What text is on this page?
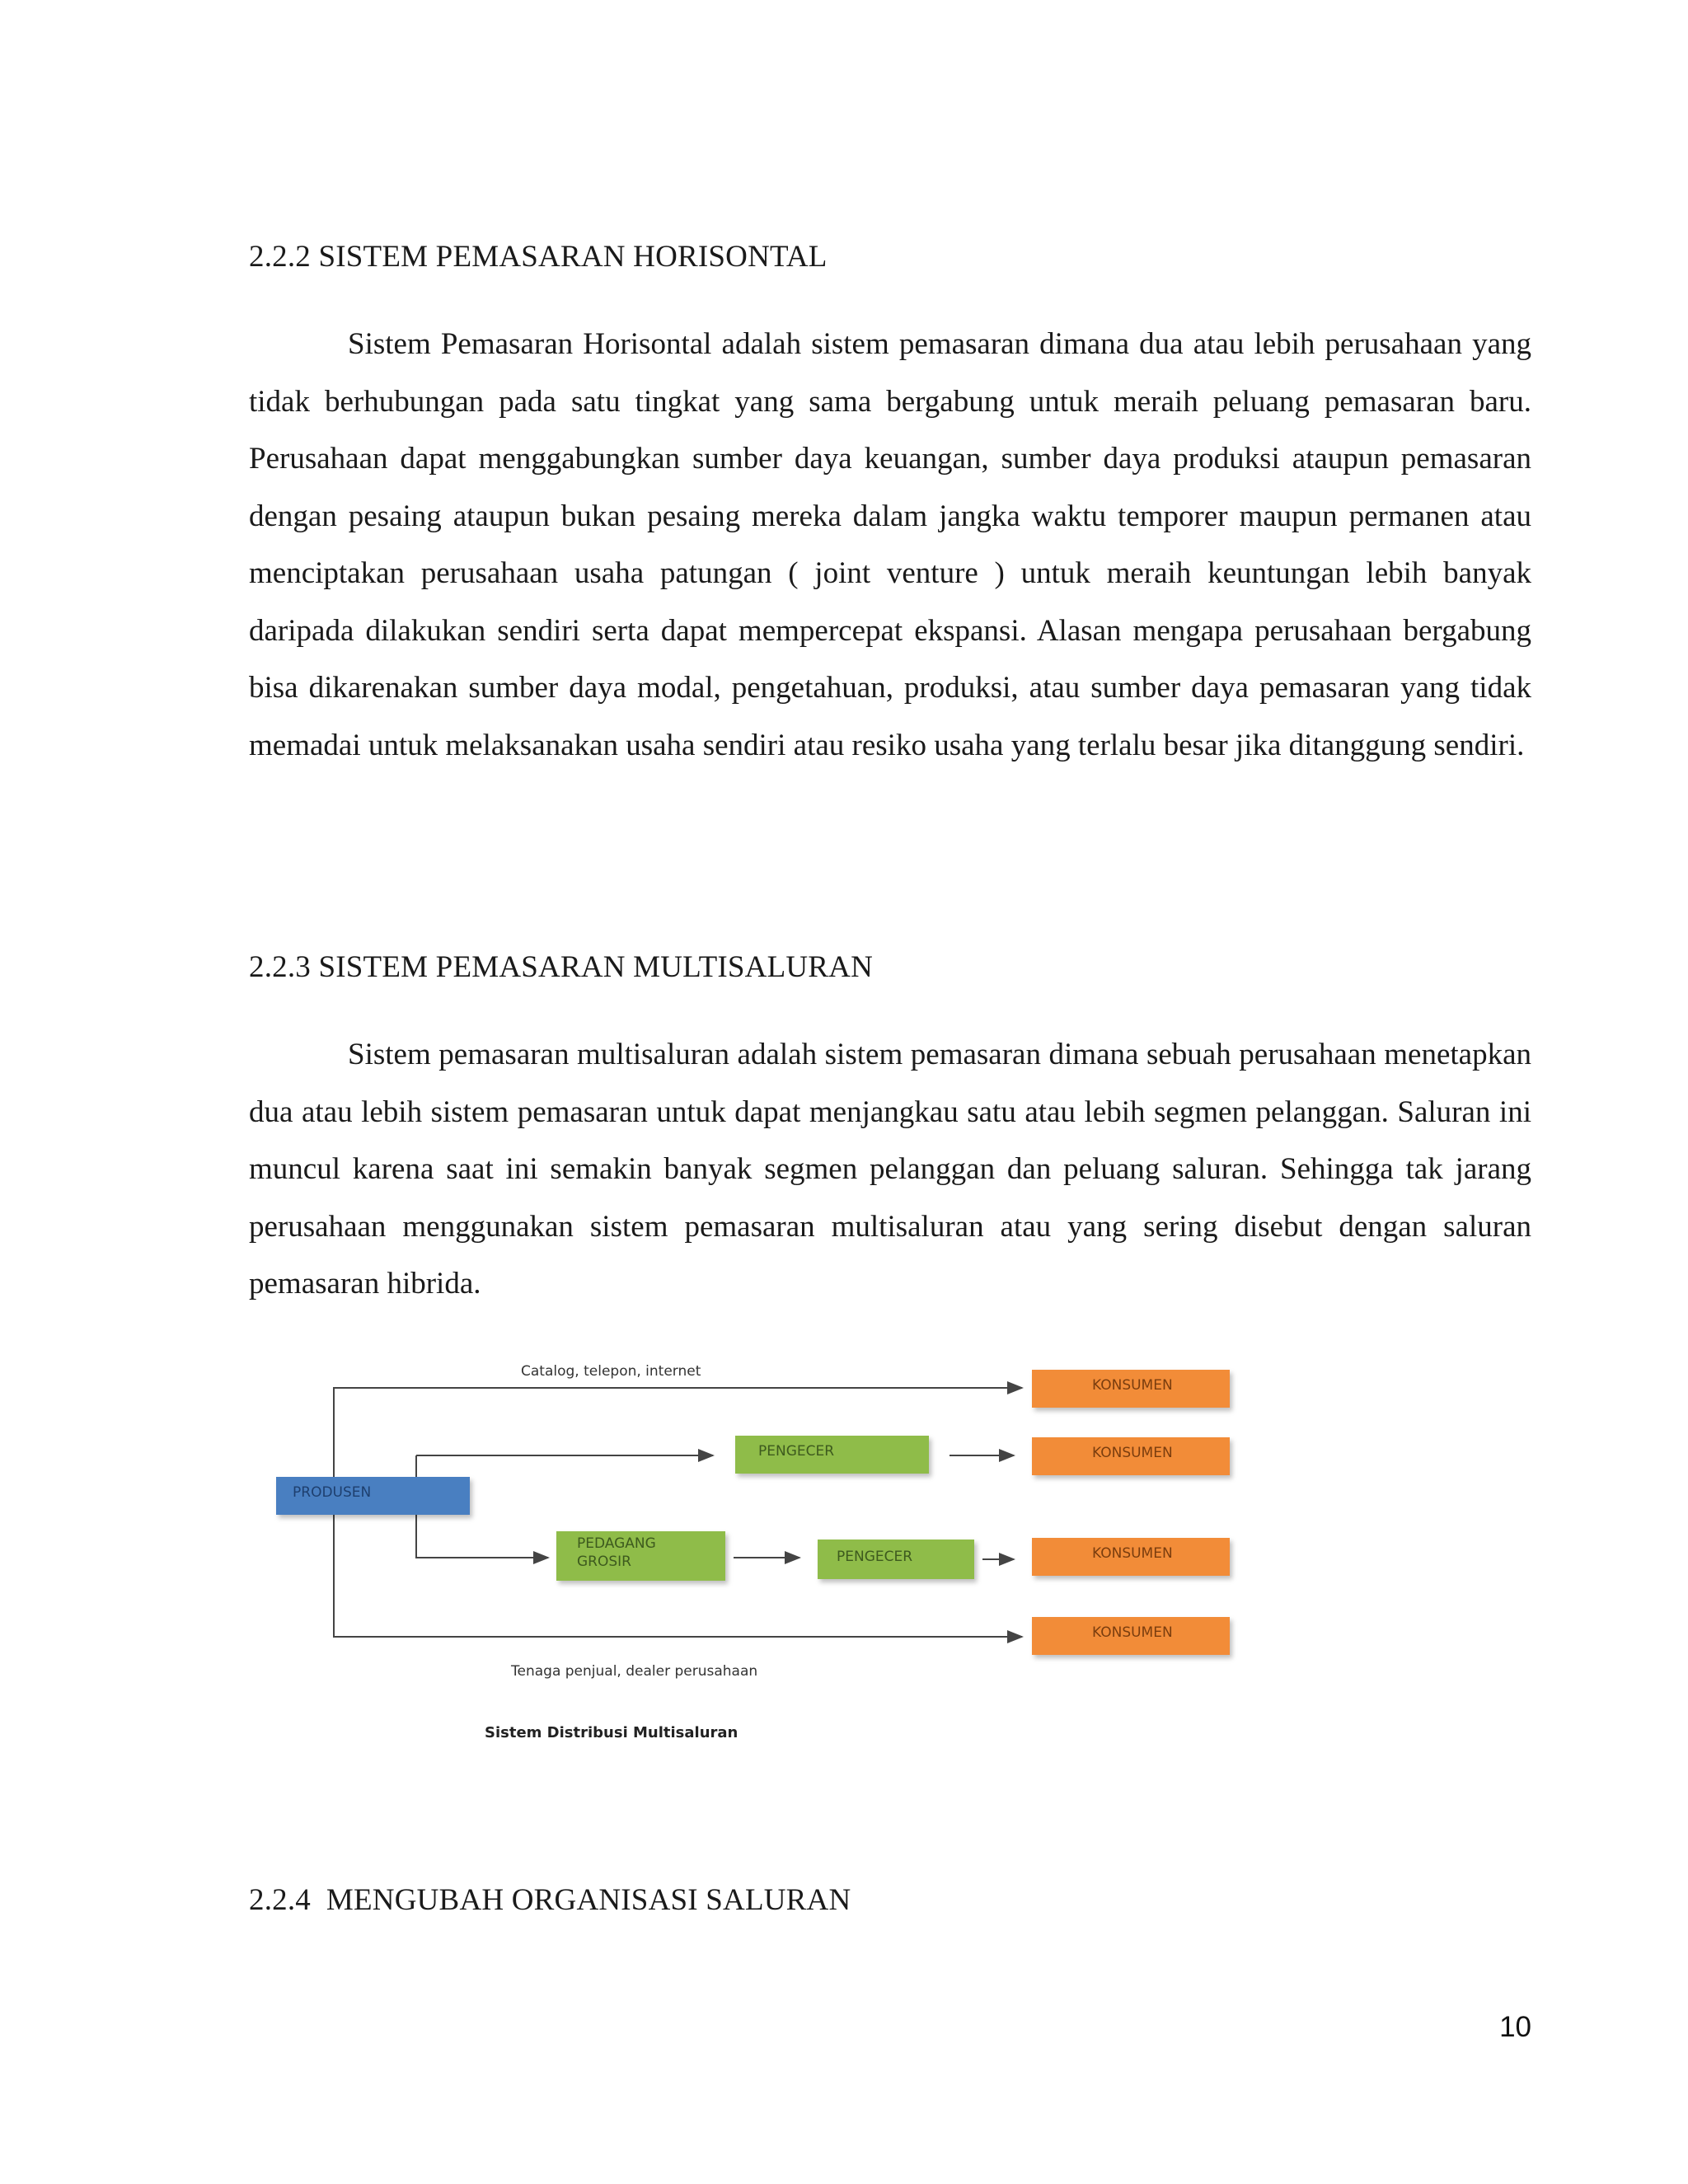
2.2.2 SISTEM PEMASARAN HORISONTAL

Sistem Pemasaran Horisontal adalah sistem pemasaran dimana dua atau lebih perusahaan yang tidak berhubungan pada satu tingkat yang sama bergabung untuk meraih peluang pemasaran baru. Perusahaan dapat menggabungkan sumber daya keuangan, sumber daya produksi ataupun pemasaran dengan pesaing ataupun bukan pesaing mereka dalam jangka waktu temporer maupun permanen atau menciptakan perusahaan usaha patungan ( joint venture ) untuk meraih keuntungan lebih banyak daripada dilakukan sendiri serta dapat mempercepat ekspansi. Alasan mengapa perusahaan bergabung bisa dikarenakan sumber daya modal, pengetahuan, produksi, atau sumber daya pemasaran yang tidak memadai untuk melaksanakan usaha sendiri atau resiko usaha yang terlalu besar jika ditanggung sendiri.

2.2.3 SISTEM PEMASARAN MULTISALURAN

Sistem pemasaran multisaluran adalah sistem pemasaran dimana sebuah perusahaan menetapkan dua atau lebih sistem pemasaran untuk dapat menjangkau satu atau lebih segmen pelanggan. Saluran ini muncul karena saat ini semakin banyak segmen pelanggan dan peluang saluran. Sehingga tak jarang perusahaan menggunakan sistem pemasaran multisaluran atau yang sering disebut dengan saluran pemasaran hibrida.

PRODUSEN
PENGECER
PEDAGANG
GROSIR	PENGECER
KONSUMEN
KONSUMEN
KONSUMEN
KONSUMEN
Catalog, telepon, internet
Tenaga penjual, dealer perusahaan
Sistem Distribusi Multisaluran
2.2.4  MENGUBAH ORGANISASI SALURAN
10
